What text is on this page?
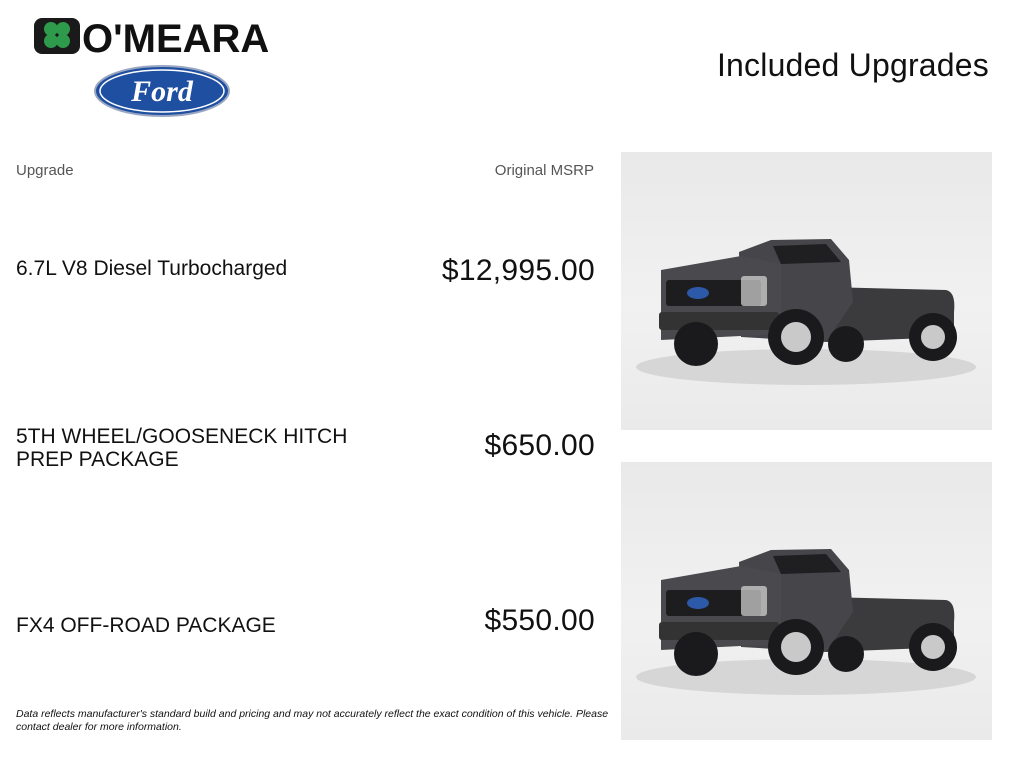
O'MEARA
Ford
Included Upgrades
Upgrade	Original MSRP
6.7L V8 Diesel Turbocharged	$12,995.00
5TH WHEEL/GOOSENECK HITCH PREP PACKAGE	$650.00
FX4 OFF-ROAD PACKAGE	$550.00
Data reflects manufacturer's standard build and pricing and may not accurately reflect the exact condition of this vehicle. Please contact dealer for more information.
